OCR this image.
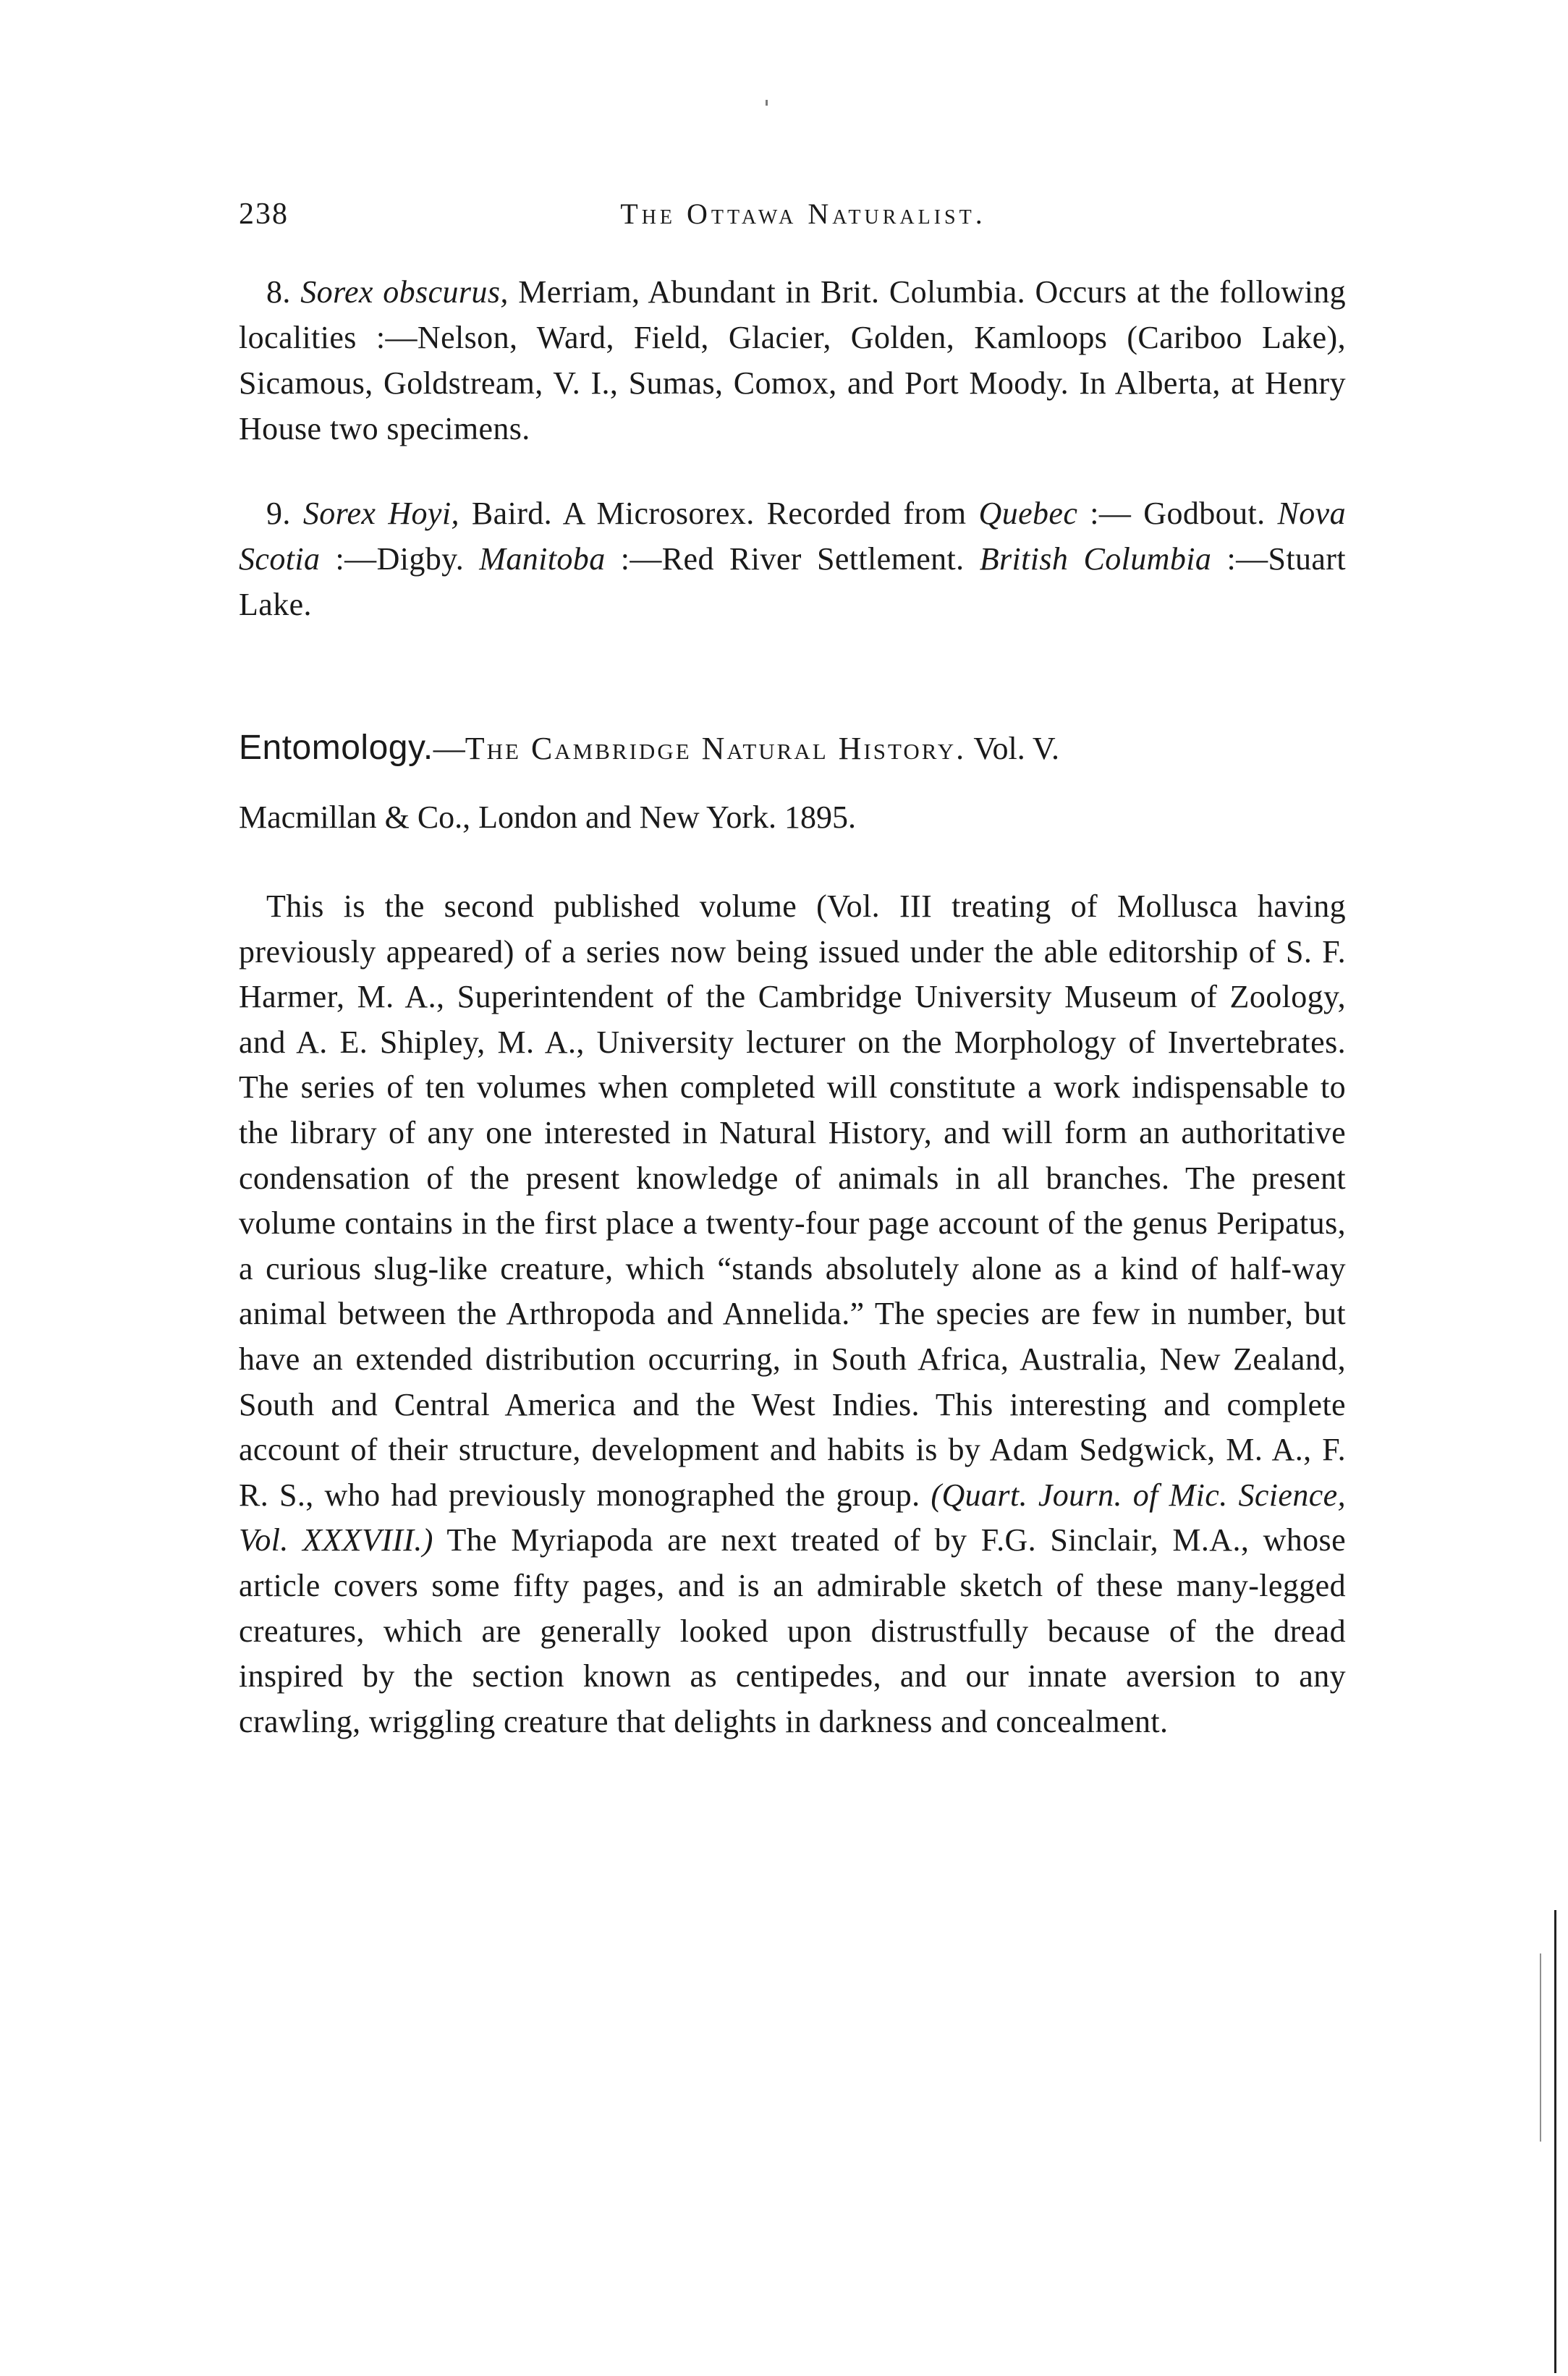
238	The Ottawa Naturalist.

8. Sorex obscurus, Merriam, Abundant in Brit. Columbia. Occurs at the following localities :—Nelson, Ward, Field, Glacier, Golden, Kamloops (Cariboo Lake), Sicamous, Goldstream, V. I., Sumas, Comox, and Port Moody. In Alberta, at Henry House two specimens.

9. Sorex Hoyi, Baird. A Microsorex. Recorded from Quebec :— Godbout. Nova Scotia :—Digby. Manitoba :—Red River Settlement. British Columbia :—Stuart Lake.

Entomology.—The Cambridge Natural History. Vol. V.
Macmillan & Co., London and New York. 1895.

This is the second published volume (Vol. III treating of Mollusca having previously appeared) of a series now being issued under the able editorship of S. F. Harmer, M. A., Superintendent of the Cambridge University Museum of Zoology, and A. E. Shipley, M. A., University lecturer on the Morphology of Invertebrates. The series of ten volumes when completed will constitute a work indispensable to the library of any one interested in Natural History, and will form an authoritative condensation of the present knowledge of animals in all branches. The present volume contains in the first place a twenty-four page account of the genus Peripatus, a curious slug-like creature, which “stands absolutely alone as a kind of half-way animal between the Arthropoda and Annelida.” The species are few in number, but have an extended distribution occurring, in South Africa, Australia, New Zealand, South and Central America and the West Indies. This interesting and complete account of their structure, development and habits is by Adam Sedgwick, M. A., F. R. S., who had previously monographed the group. (Quart. Journ. of Mic. Science, Vol. XXXVIII.) The Myriapoda are next treated of by F.G. Sinclair, M.A., whose article covers some fifty pages, and is an admirable sketch of these many-legged creatures, which are generally looked upon distrustfully because of the dread inspired by the section known as centipedes, and our innate aversion to any crawling, wriggling creature that delights in darkness and concealment.
